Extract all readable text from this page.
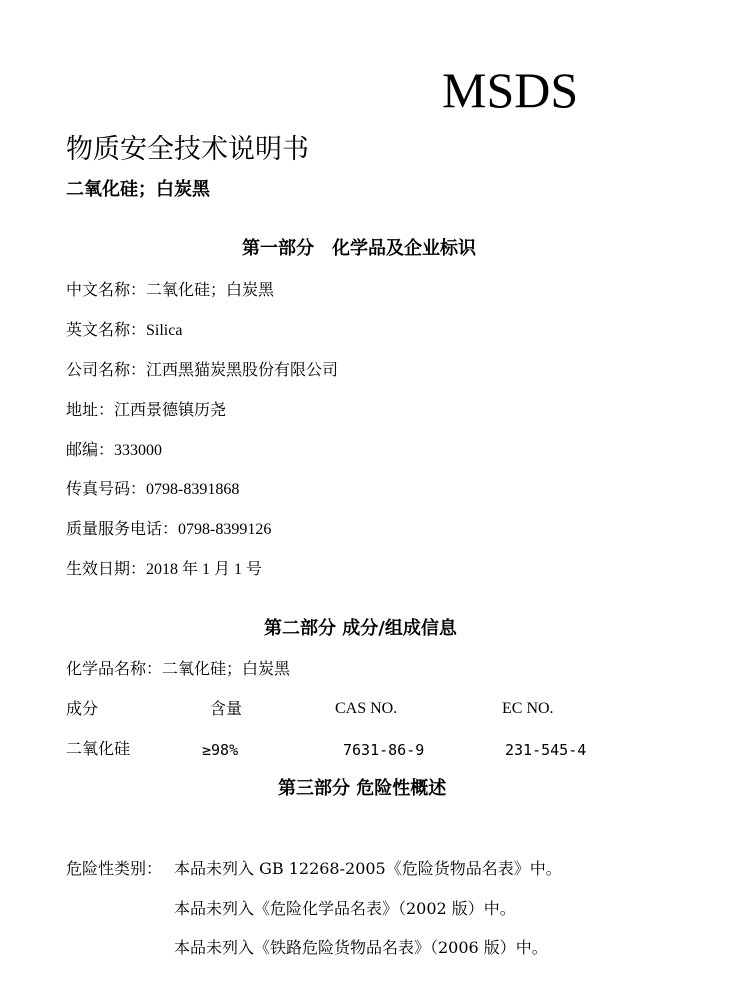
MSDS
物质安全技术说明书
二氧化硅；白炭黑
第一部分　化学品及企业标识
中文名称：二氧化硅；白炭黑
英文名称：Silica
公司名称：江西黑猫炭黑股份有限公司
地址：江西景德镇历尧
邮编：333000
传真号码：0798-8391868
质量服务电话：0798-8399126
生效日期：2018 年 1 月 1 号
第二部分 成分/组成信息
化学品名称：二氧化硅；白炭黑
成分	含量	CAS NO.	EC NO.
二氧化硅	≥98%	7631-86-9	231-545-4
第三部分 危险性概述
危险性类别： 本品未列入 GB 12268-2005《危险货物品名表》中。
本品未列入《危险化学品名表》（2002 版）中。
本品未列入《铁路危险货物品名表》（2006 版）中。
